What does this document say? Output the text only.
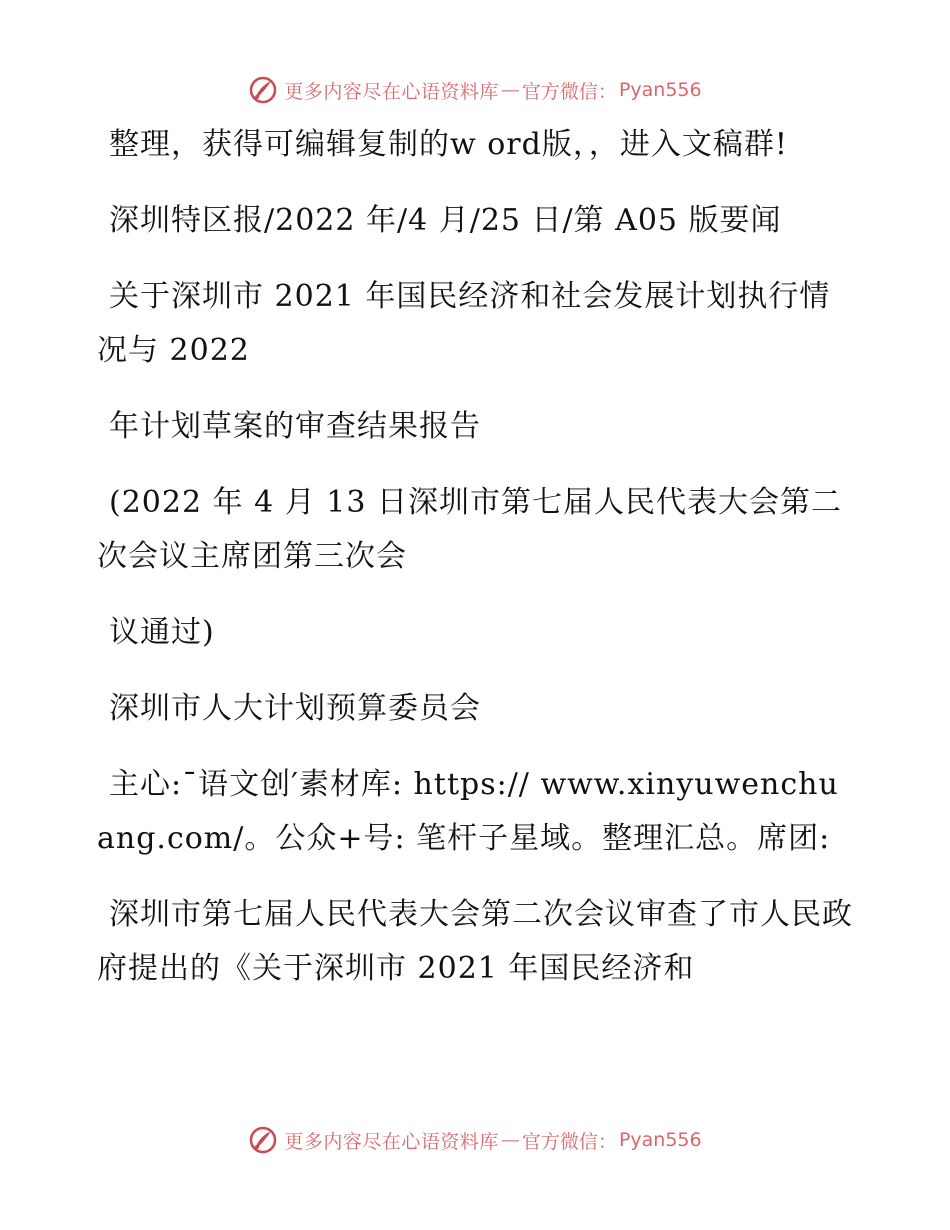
更多内容尽在心语资料库 — 官方微信： Pyan556

整理，获得可编辑复制的w ord版，，进入文稿群!

深圳特区报/2022 年/4 月/25 日/第 A05 版要闻

关于深圳市 2021 年国民经济和社会发展计划执行情况与 2022

年计划草案的审查结果报告

(2022 年 4 月 13 日深圳市第七届人民代表大会第二次会议主席团第三次会

议通过)

深圳市人大计划预算委员会

主心:¯语文创′素材库: https:// www.xinyuwenchuang.com/。公众+号: 笔杆子星域。整理汇总。席团:

深圳市第七届人民代表大会第二次会议审查了市人民政府提出的《关于深圳市 2021 年国民经济和

更多内容尽在心语资料库 — 官方微信： Pyan556
